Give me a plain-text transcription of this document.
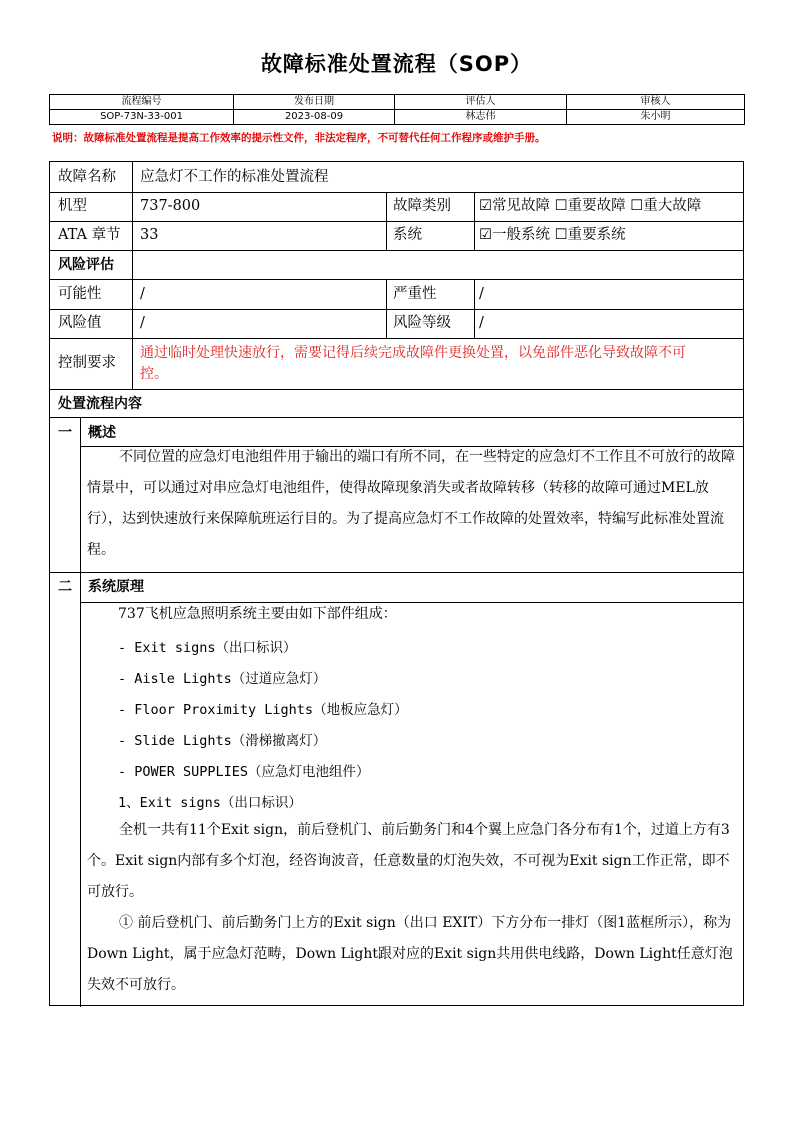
故障标准处置流程（SOP）
流程编号	发布日期	评估人	审核人
SOP-73N-33-001	2023-08-09	林志伟	朱小明
说明：故障标准处置流程是提高工作效率的提示性文件，非法定程序，不可替代任何工作程序或维护手册。
故障名称 应急灯不工作的标准处置流程
机型	737-800	故障类别 ☑常见故障 ☐重要故障 ☐重大故障
ATA 章节 33	系统	☑一般系统 ☐重要系统
风险评估
可能性	/	严重性	/
风险值	/	风险等级 /
控制要求
通过临时处理快速放行，需要记得后续完成故障件更换处置，以免部件恶化导致故障不可
控。
处置流程内容
一 概述

不同位置的应急灯电池组件用于输出的端口有所不同，在一些特定的应急灯不工作且不可放行的故障情景中，可以通过对串应急灯电池组件，使得故障现象消失或者故障转移（转移的故障可通过MEL放行），达到快速放行来保障航班运行目的。为了提高应急灯不工作故障的处置效率，特编写此标准处置流程。

二 系统原理
737飞机应急照明系统主要由如下部件组成：
- Exit signs（出口标识）
- Aisle Lights（过道应急灯）
- Floor Proximity Lights（地板应急灯）
- Slide Lights（滑梯撤离灯）
- POWER SUPPLIES（应急灯电池组件）
1、Exit signs（出口标识）

全机一共有11个Exit sign，前后登机门、前后勤务门和4个翼上应急门各分布有1个，过道上方有3个。Exit sign内部有多个灯泡，经咨询波音，任意数量的灯泡失效，不可视为Exit sign工作正常，即不可放行。

① 前后登机门、前后勤务门上方的Exit sign（出口 EXIT）下方分布一排灯（图1蓝框所示），称为Down Light，属于应急灯范畴，Down Light跟对应的Exit sign共用供电线路，Down Light任意灯泡失效不可放行。
